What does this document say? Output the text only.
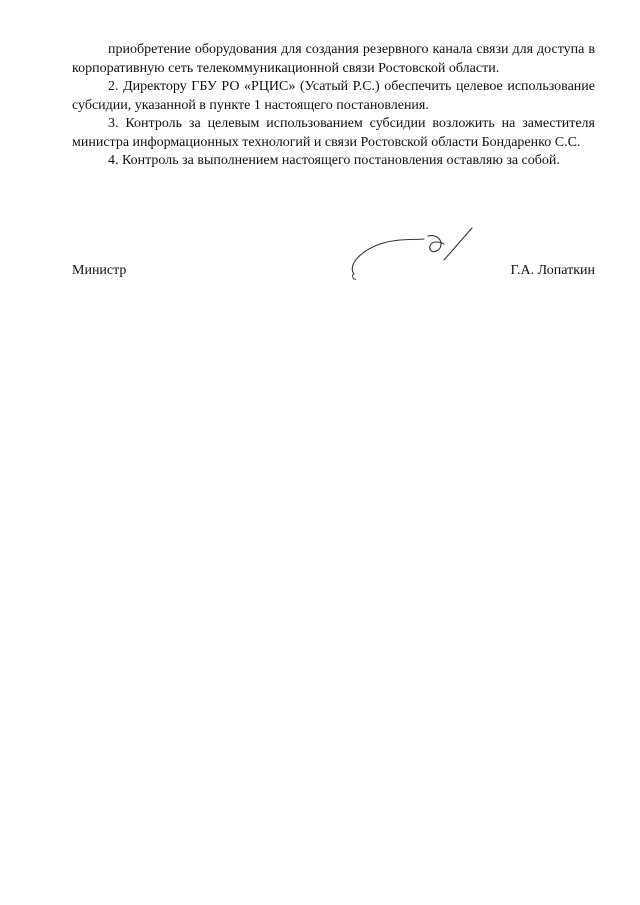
приобретение оборудования для создания резервного канала связи для доступа в корпоративную сеть телекоммуникационной связи Ростовской области.

2. Директору ГБУ РО «РЦИС» (Усатый Р.С.) обеспечить целевое использование субсидии, указанной в пункте 1 настоящего постановления.

3. Контроль за целевым использованием субсидии возложить на заместителя министра информационных технологий и связи Ростовской области Бондаренко С.С.

4. Контроль за выполнением настоящего постановления оставляю за собой.

Министр	Г.А. Лопаткин
